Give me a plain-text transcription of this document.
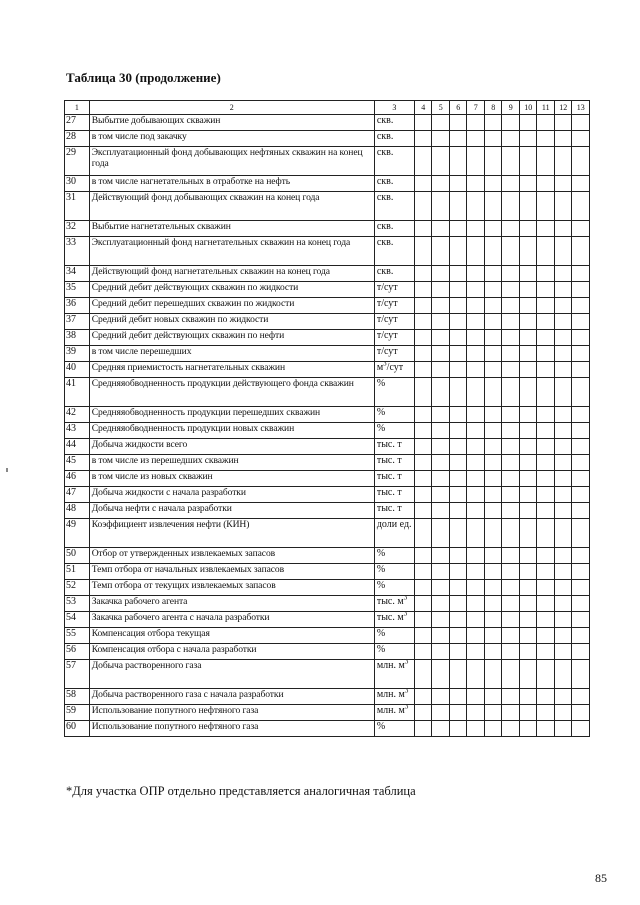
Таблица 30 (продолжение)
1	2	3	4	5	6	7	8	9	10	11	12	13
27	Выбытие добывающих скважин	скв.										
28	в том числе под закачку	скв.										
29	Эксплуатационный фонд добывающих нефтяных скважин на конец года	скв.										
30	в том числе нагнетательных в отработке на нефть	скв.										
31	Действующий фонд добывающих скважин на конец года	скв.										
32	Выбытие нагнетательных скважин	скв.										
33	Эксплуатационный фонд нагнетательных скважин на конец года	скв.										
34	Действующий фонд нагнетательных скважин на конец года	скв.										
35	Средний дебит действующих скважин по жидкости	т/сут										
36	Средний дебит перешедших скважин по жидкости	т/сут										
37	Средний дебит новых скважин по жидкости	т/сут										
38	Средний дебит действующих скважин по нефти	т/сут										
39	в том числе перешедших	т/сут										
40	Средняя приемистость нагнетательных скважин	$м^3$/сут										
41	Средняяобводненность продукции действующего фонда скважин	%										
42	Средняяобводненность продукции перешедших скважин	%										
43	Средняяобводненность продукции новых скважин	%										
44	Добыча жидкости всего	тыс. т										
45	в том числе из перешедших скважин	тыс. т										
46	в том числе из новых скважин	тыс. т										
47	Добыча жидкости с начала разработки	тыс. т										
48	Добыча нефти с начала разработки	тыс. т										
49	Коэффициент извлечения нефти (КИН)	доли ед.										
50	Отбор от утвержденных извлекаемых запасов	%										
51	Темп отбора от начальных извлекаемых запасов	%										
52	Темп отбора от текущих извлекаемых запасов	%										
53	Закачка рабочего агента	тыс. $м^3$										
54	Закачка рабочего агента с начала разработки	тыс. $м^3$										
55	Компенсация отбора текущая	%										
56	Компенсация отбора с начала разработки	%										
57	Добыча растворенного газа	млн. $м^3$										
58	Добыча растворенного газа с начала разработки	млн. $м^3$										
59	Использование попутного нефтяного газа	млн. $м^3$										
60	Использование попутного нефтяного газа	%										
*Для участка ОПР отдельно представляется аналогичная таблица
85
